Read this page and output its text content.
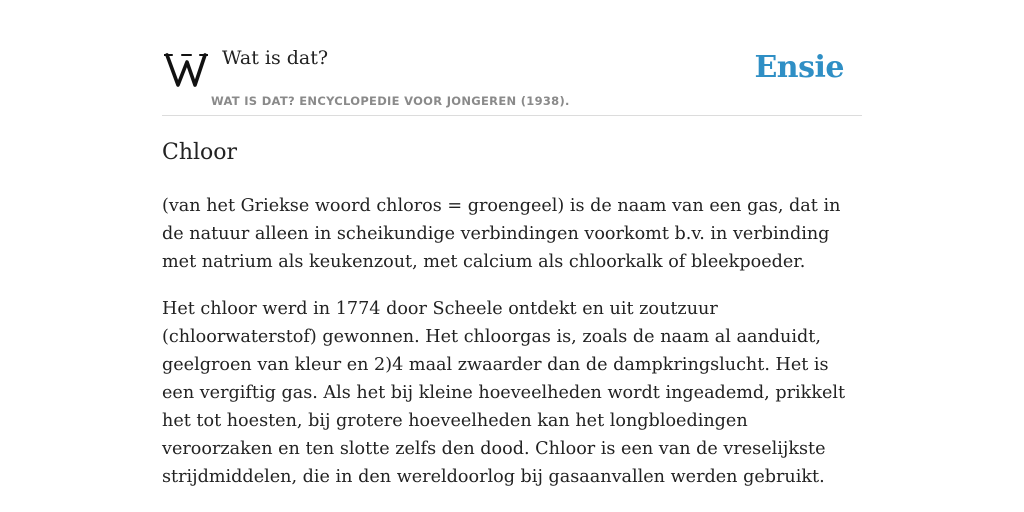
Wat is dat?
WAT IS DAT? ENCYCLOPEDIE VOOR JONGEREN (1938).
Ensie
Chloor

(van het Griekse woord chloros = groengeel) is de naam van een gas, dat in de natuur alleen in scheikundige verbindingen voorkomt b.v. in verbinding met natrium als keukenzout, met calcium als chloorkalk of bleekpoeder.

Het chloor werd in 1774 door Scheele ontdekt en uit zoutzuur (chloorwaterstof) gewonnen. Het chloorgas is, zoals de naam al aanduidt, geelgroen van kleur en 2)4 maal zwaarder dan de dampkringslucht. Het is een vergiftig gas. Als het bij kleine hoeveelheden wordt ingeademd, prikkelt het tot hoesten, bij grotere hoeveelheden kan het longbloedingen veroorzaken en ten slotte zelfs den dood. Chloor is een van de vreselijkste strijdmiddelen, die in den wereldoorlog bij gasaanvallen werden gebruikt.
